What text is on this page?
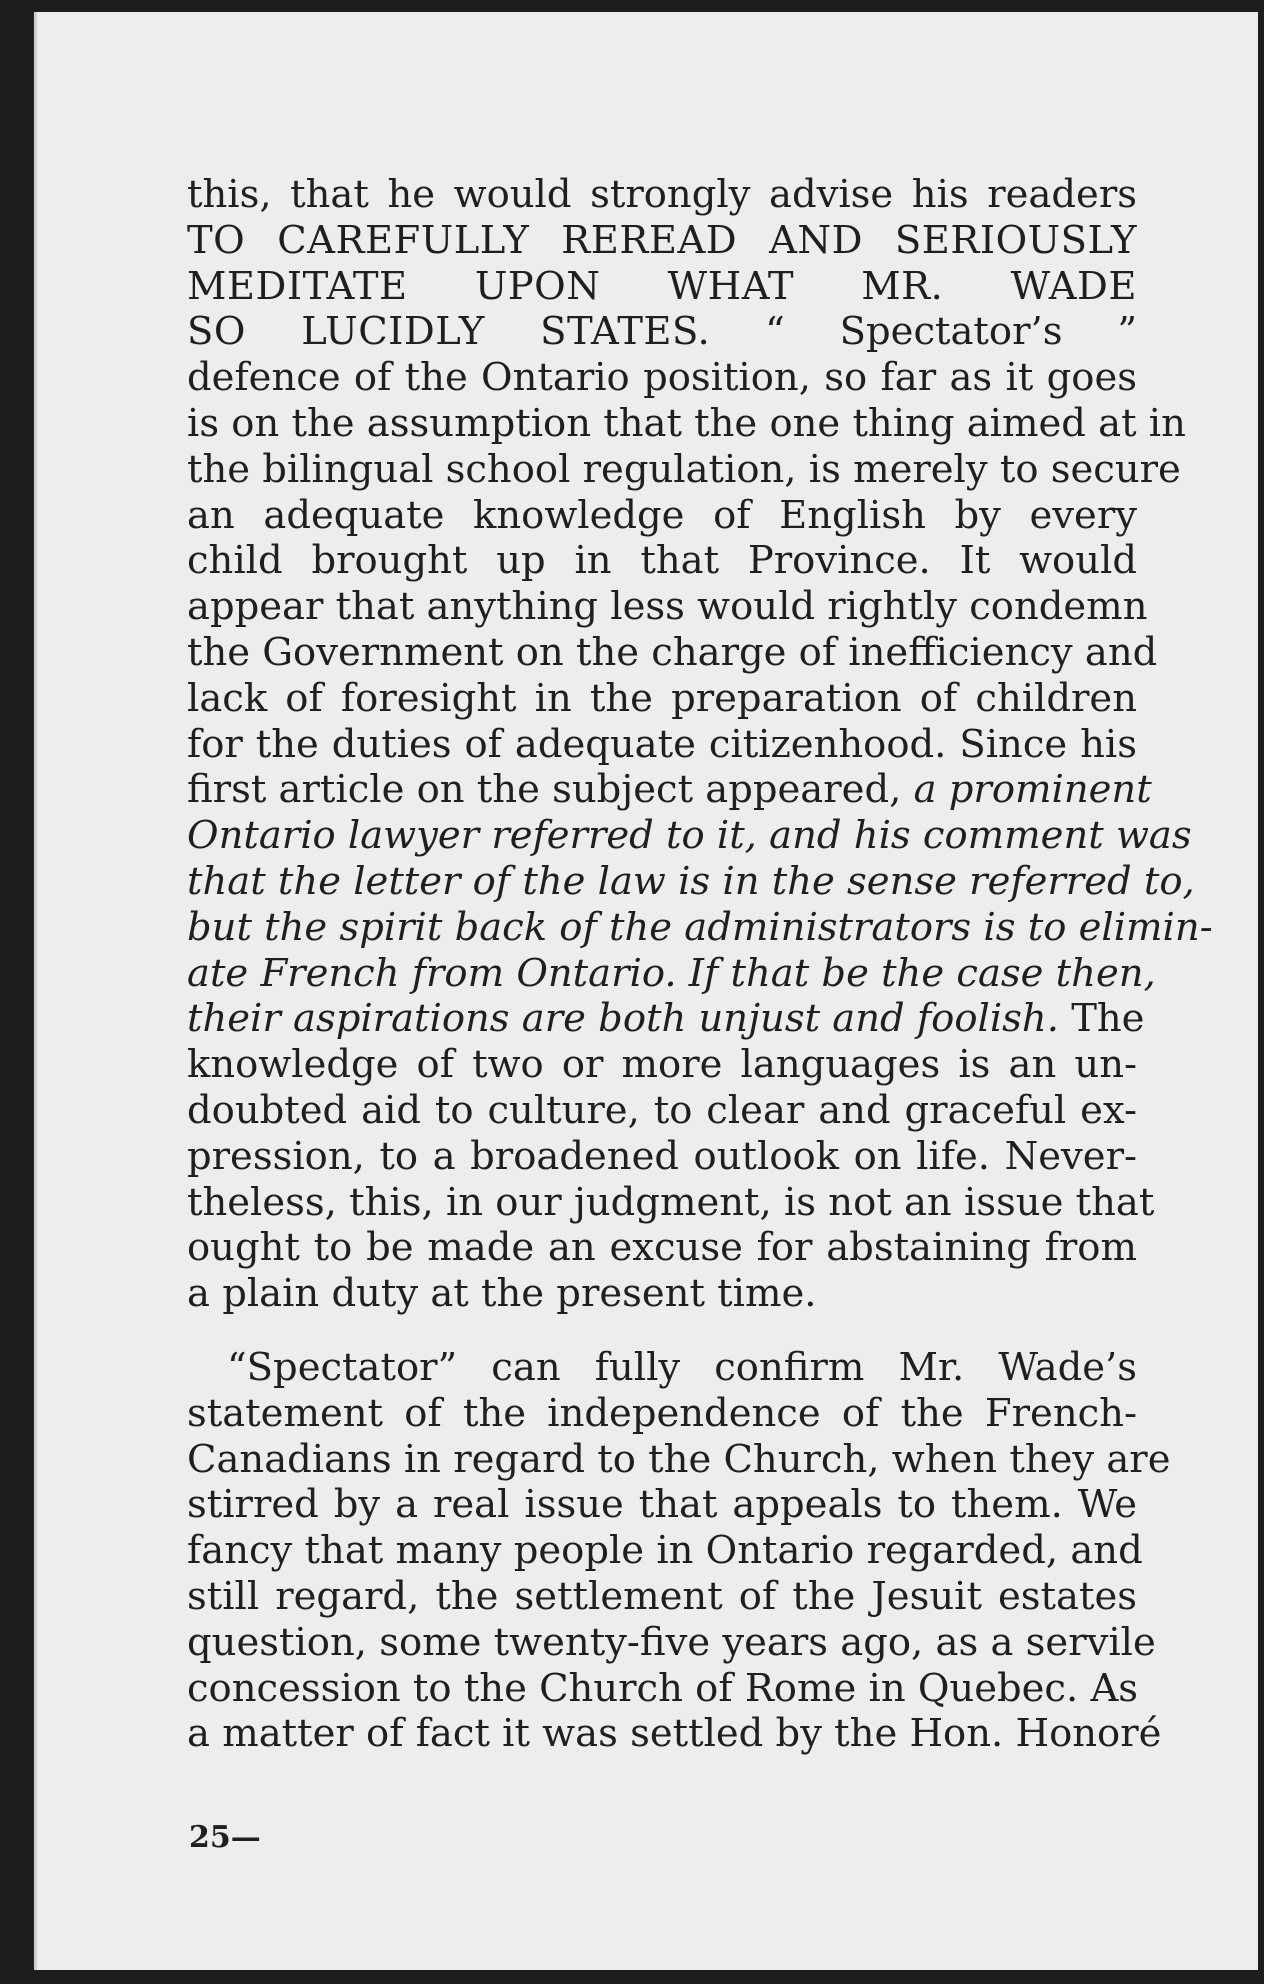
this, that he would strongly advise his readers
TO CAREFULLY REREAD AND SERIOUSLY
MEDITATE UPON WHAT MR. WADE
SO LUCIDLY STATES. “ Spectator’s ”
defence of the Ontario position, so far as it goes
is on the assumption that the one thing aimed at in
the bilingual school regulation, is merely to secure
an adequate knowledge of English by every
child brought up in that Province. It would
appear that anything less would rightly condemn
the Government on the charge of inefficiency and
lack of foresight in the preparation of children
for the duties of adequate citizenhood. Since his
first article on the subject appeared, a prominent
Ontario lawyer referred to it, and his comment was
that the letter of the law is in the sense referred to,
but the spirit back of the administrators is to elimin-
ate French from Ontario. If that be the case then,
their aspirations are both unjust and foolish. The
knowledge of two or more languages is an un-
doubted aid to culture, to clear and graceful ex-
pression, to a broadened outlook on life. Never-
theless, this, in our judgment, is not an issue that
ought to be made an excuse for abstaining from
a plain duty at the present time.
“Spectator” can fully confirm Mr. Wade’s
statement of the independence of the French-
Canadians in regard to the Church, when they are
stirred by a real issue that appeals to them. We
fancy that many people in Ontario regarded, and
still regard, the settlement of the Jesuit estates
question, some twenty-five years ago, as a servile
concession to the Church of Rome in Quebec. As
a matter of fact it was settled by the Hon. Honoré
25—
